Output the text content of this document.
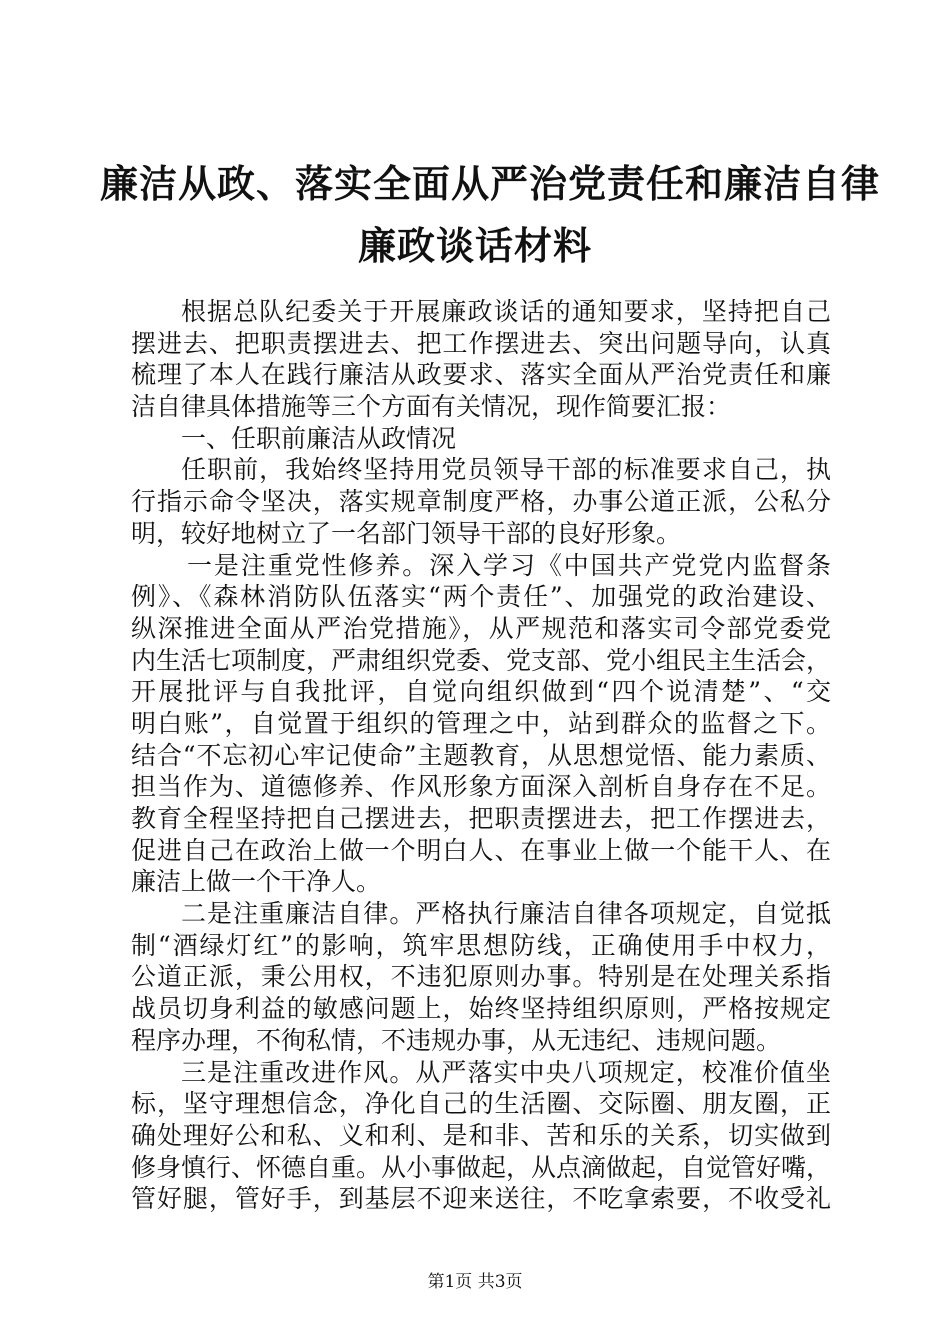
廉洁从政、落实全面从严治党责任和廉洁自律
廉政谈话材料
根据总队纪委关于开展廉政谈话的通知要求，坚持把自己
摆进去、把职责摆进去、把工作摆进去、突出问题导向，认真
梳理了本人在践行廉洁从政要求、落实全面从严治党责任和廉
洁自律具体措施等三个方面有关情况，现作简要汇报：
一、任职前廉洁从政情况
任职前，我始终坚持用党员领导干部的标准要求自己，执
行指示命令坚决，落实规章制度严格，办事公道正派，公私分
明，较好地树立了一名部门领导干部的良好形象。
一是注重党性修养。深入学习《中国共产党党内监督条
例》、《森林消防队伍落实“两个责任”、加强党的政治建设、
纵深推进全面从严治党措施》，从严规范和落实司令部党委党
内生活七项制度，严肃组织党委、党支部、党小组民主生活会，
开展批评与自我批评，自觉向组织做到“四个说清楚”、“交
明白账”，自觉置于组织的管理之中，站到群众的监督之下。
结合“不忘初心牢记使命”主题教育，从思想觉悟、能力素质、
担当作为、道德修养、作风形象方面深入剖析自身存在不足。
教育全程坚持把自己摆进去，把职责摆进去，把工作摆进去，
促进自己在政治上做一个明白人、在事业上做一个能干人、在
廉洁上做一个干净人。
二是注重廉洁自律。严格执行廉洁自律各项规定，自觉抵
制“酒绿灯红”的影响，筑牢思想防线，正确使用手中权力，
公道正派，秉公用权，不违犯原则办事。特别是在处理关系指
战员切身利益的敏感问题上，始终坚持组织原则，严格按规定
程序办理，不徇私情，不违规办事，从无违纪、违规问题。
三是注重改进作风。从严落实中央八项规定，校准价值坐
标，坚守理想信念，净化自己的生活圈、交际圈、朋友圈，正
确处理好公和私、义和利、是和非、苦和乐的关系，切实做到
修身慎行、怀德自重。从小事做起，从点滴做起，自觉管好嘴，
管好腿，管好手，到基层不迎来送往，不吃拿索要，不收受礼
第1页 共3页
